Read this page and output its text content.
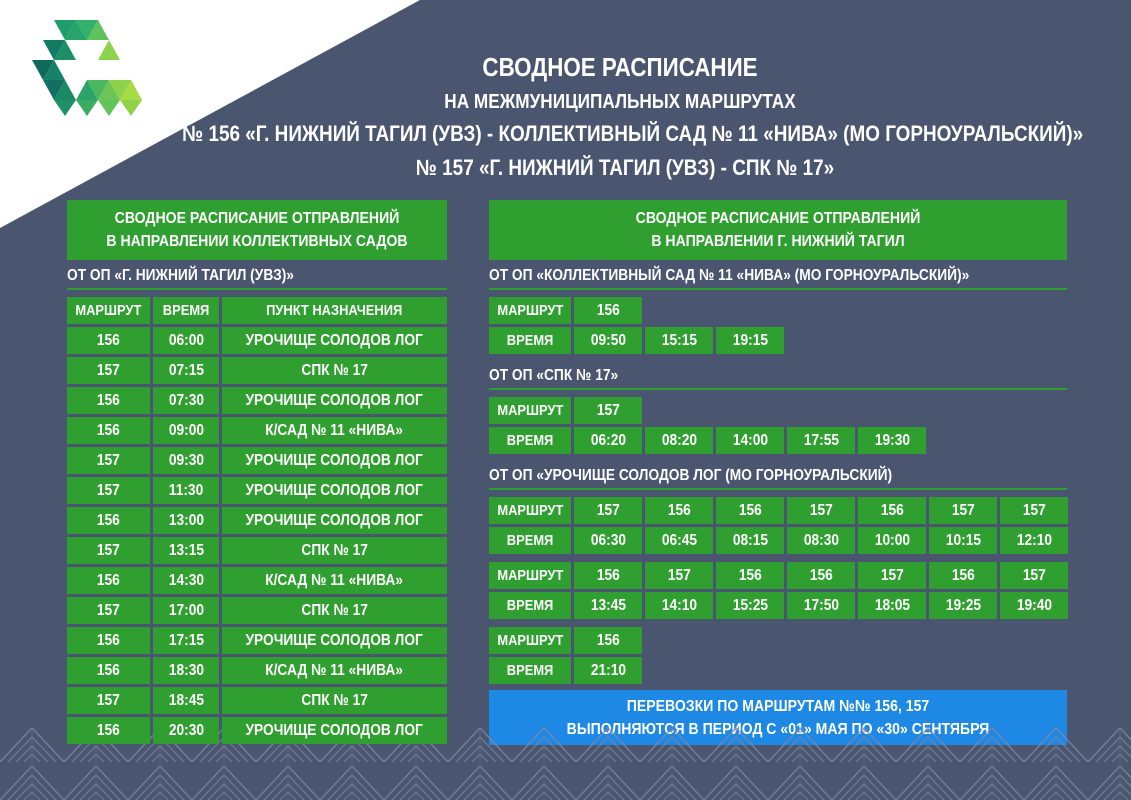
СВОДНОЕ РАСПИСАНИЕ
НА МЕЖМУНИЦИПАЛЬНЫХ МАРШРУТАХ
№ 156 «Г. НИЖНИЙ ТАГИЛ (УВЗ) - КОЛЛЕКТИВНЫЙ САД № 11 «НИВА» (МО ГОРНОУРАЛЬСКИЙ)»
№ 157 «Г. НИЖНИЙ ТАГИЛ (УВЗ) - СПК № 17»
СВОДНОЕ РАСПИСАНИЕ ОТПРАВЛЕНИЙ
В НАПРАВЛЕНИИ КОЛЛЕКТИВНЫХ САДОВ
ОТ ОП «Г. НИЖНИЙ ТАГИЛ (УВЗ)»
СВОДНОЕ РАСПИСАНИЕ ОТПРАВЛЕНИЙ
В НАПРАВЛЕНИИ Г. НИЖНИЙ ТАГИЛ
ПЕРЕВОЗКИ ПО МАРШРУТАМ №№ 156, 157
МАРШРУТ	ВРЕМЯ	ПУНКТ НАЗНАЧЕНИЯ
156	06:00	УРОЧИЩЕ СОЛОДОВ ЛОГ
157	07:15	СПК № 17
156	07:30	УРОЧИЩЕ СОЛОДОВ ЛОГ
156	09:00	К/САД № 11 «НИВА»
157	09:30	УРОЧИЩЕ СОЛОДОВ ЛОГ
157	11:30	УРОЧИЩЕ СОЛОДОВ ЛОГ
156	13:00	УРОЧИЩЕ СОЛОДОВ ЛОГ
157	13:15	СПК № 17
156	14:30	К/САД № 11 «НИВА»
157	17:00	СПК № 17
156	17:15	УРОЧИЩЕ СОЛОДОВ ЛОГ
156	18:30	К/САД № 11 «НИВА»
157	18:45	СПК № 17
156	20:30	УРОЧИЩЕ СОЛОДОВ ЛОГ
ОТ ОП «КОЛЛЕКТИВНЫЙ САД № 11 «НИВА» (МО ГОРНОУРАЛЬСКИЙ)»
МАРШРУТ	156
ВРЕМЯ	09:50	15:15	19:15
ОТ ОП «СПК № 17»
МАРШРУТ	157
ВРЕМЯ	06:20	08:20	14:00	17:55	19:30
ОТ ОП «УРОЧИЩЕ СОЛОДОВ ЛОГ (МО ГОРНОУРАЛЬСКИЙ)
МАРШРУТ	157	156	156	157	156	157	157
ВРЕМЯ	06:30	06:45	08:15	08:30	10:00	10:15	12:10
МАРШРУТ	156	157	156	156	157	156	157
ВРЕМЯ	13:45	14:10	15:25	17:50	18:05	19:25	19:40
МАРШРУТ	156
ВРЕМЯ	21:10
